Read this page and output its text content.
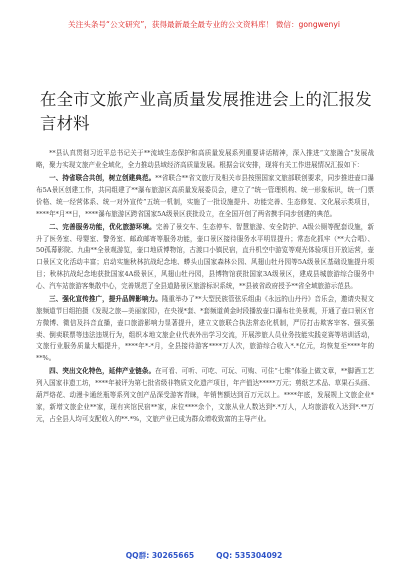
关注头条号“公文研究”，获得最新最全最专业的公文资料库！ 微信：gongwenyi
在全市文旅产业高质量发展推进会上的汇报发言材料

**县认真贯彻习近平总书记关于**流域生态保护和高质量发展系列重要讲话精神，深入推进“文旅融合”发展战略，聚力实现文旅产业全域化，全力推动县域经济高质量发展。根据会议安排，现将有关工作进展情况汇报如下：

一、持省联合共创，树立创建典范。**省联合**省文旅厅及相关市县按照国家文旅部联创要求，同步推进壶口瀑布5A景区创建工作，共同组建了**瀑布旅游区高质量发展委员会，建立了“统一管理机构、统一形象标识，统一门票价格、统一经营体系、统一对外宣传”五统一机制，实施了一批设施提升、功能完善、生态修复、文化展示类项目，****年*月**日，****瀑布旅游区跨省国家5A级景区获批设立，在全国开创了两省携手同步创建的典范。

二、完善服务功能，优化旅游环境。完善了景交车、生态停车、智慧旅游、安全防护、A级公厕等配套设施，新升了医务室、母婴室、警务室、邮政邮寄等服务功能，壶口景区接待服务水平明显提升；常态化抓牢（**大合唱）、50孤幕影院、九曲**全景观游览，壶口地质博物馆，古渡口小镇民宿，直升机空中游览等观光体验项目开放运营，壶口景区文化活动丰富；启动实施秋林抗战纪念地、蟒头山国家森林公园、风翅山牡丹园等5A级景区基础设施提升项目；秋林抗战纪念地获批国家4A级景区，风翅山牡丹园，县博物馆获批国家3A级景区，建成县城旅游综合服务中心、汽车站旅游客集散中心，完善规范了全县道路景区旅游标识系统，**县被省政府授予**省全域旅游示范县。

三、强化宣传推广，提升品牌影响力。隆重举办了**大型民族管弦乐组曲《永远的山丹丹》音乐会，邀请央视文旅频道节目组拍摄《发现之旅—美丽家园》，在央视*套、*套频道黄金时段播放壶口瀑布壮美景观，开通了壶口景区官方微博、微信及抖音直播，壶口旅游影响力显著提升，建立文旅联合执法常态化机制，严厉打击欺客宰客、强买强卖、倒卖联票等违法违规行为，组织本地文旅企业代表外出学习交流，开展涉旅人员业务技能实践竞赛等培训活动，文旅行业服务质量大幅提升，****年*-*月，全县接待游客****万人次，旅游综合收入*.*亿元，均恢复至****年的**%。

四、突出文化特色，延伸产业链条。在可看、可听、可吃、可玩、可购、可住“七维”体验上做文章，**脚酒工艺列入国家非遗工坊，****年被评为第七批省级非物质文化遗产项目，年产值达*****万元；剪纸艺术品、草果石头画、葫芦烙花、动漫卡通丝瓶等系列文创产品深受游客青睐，年销售额达到百万元以上。****年底，发展规上文旅企业*家，新增文旅企业**家，现有宾馆民宿**家，床位****余个，文旅从业人数达到*.*万人，人均旅游收入达到*.**万元，占全县人均可支配收入的**.*%，文旅产业已成为群众增收致富的主导产业。

QQ群: 30265665	QQ: 535304092
